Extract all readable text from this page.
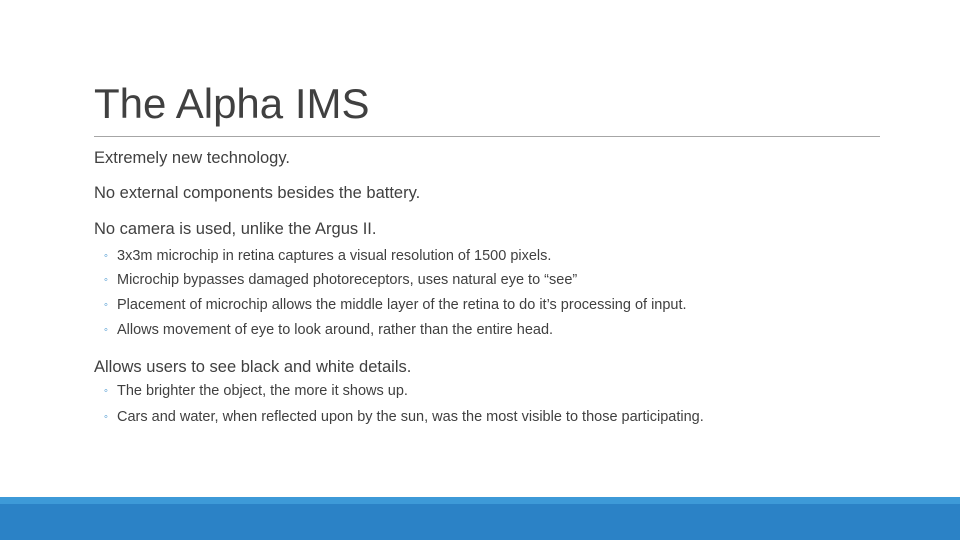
The Alpha IMS
Extremely new technology.
No external components besides the battery.
No camera is used, unlike the Argus II.
◦ 3x3m microchip in retina captures a visual resolution of 1500 pixels.
◦ Microchip bypasses damaged photoreceptors, uses natural eye to “see”
◦ Placement of microchip allows the middle layer of the retina to do it’s processing of input.
◦ Allows movement of eye to look around, rather than the entire head.
Allows users to see black and white details.
◦ The brighter the object, the more it shows up.
◦ Cars and water, when reflected upon by the sun, was the most visible to those participating.
